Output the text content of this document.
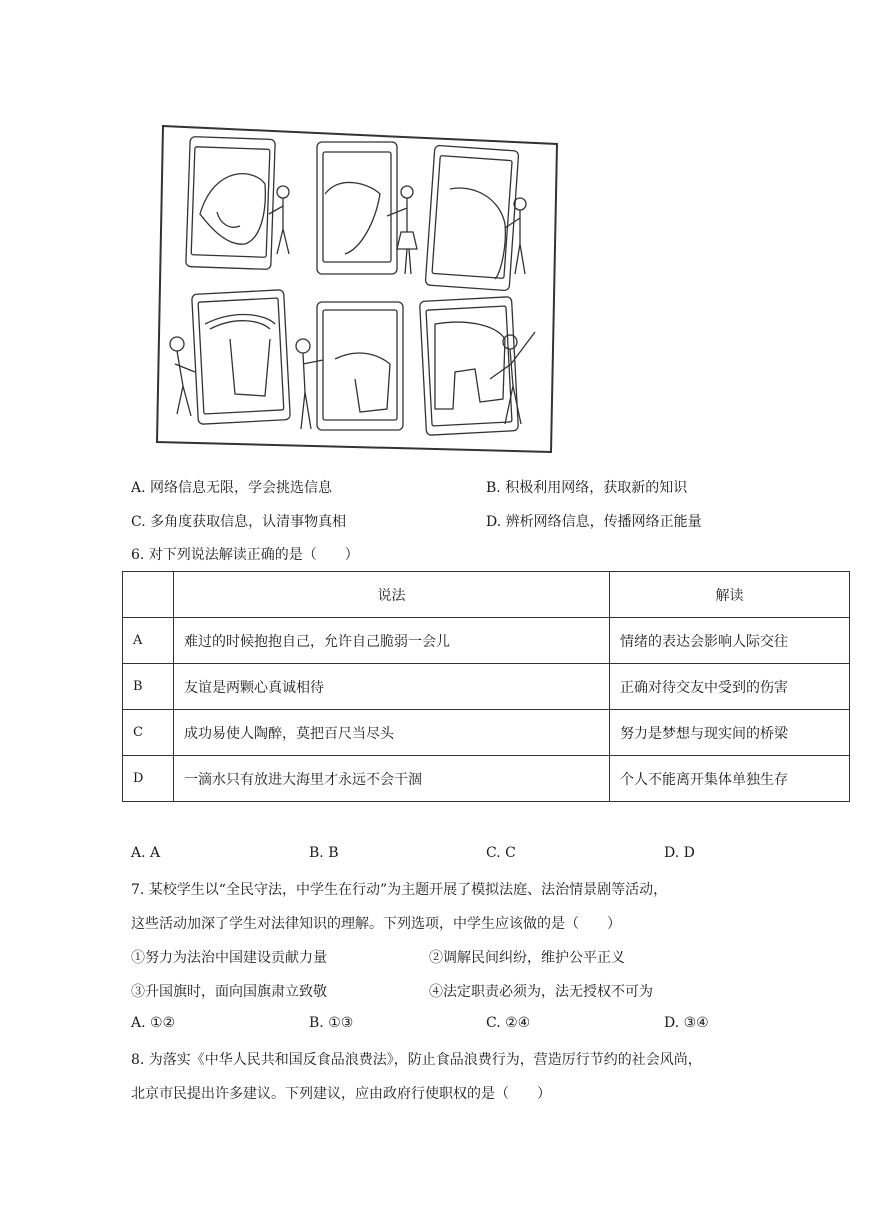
A. 网络信息无限，学会挑选信息	B. 积极利用网络，获取新的知识
C. 多角度获取信息，认清事物真相	D. 辨析网络信息，传播网络正能量
6. 对下列说法解读正确的是（　　）
	说法	解读
A	难过的时候抱抱自己，允许自己脆弱一会儿	情绪的表达会影响人际交往
B	友谊是两颗心真诚相待	正确对待交友中受到的伤害
C	成功易使人陶醉，莫把百尺当尽头	努力是梦想与现实间的桥梁
D	一滴水只有放进大海里才永远不会干涸	个人不能离开集体单独生存
A. A	B. B	C. C	D. D
7. 某校学生以“全民守法，中学生在行动”为主题开展了模拟法庭、法治情景剧等活动，
这些活动加深了学生对法律知识的理解。下列选项，中学生应该做的是（　　）
①努力为法治中国建设贡献力量	②调解民间纠纷，维护公平正义
③升国旗时，面向国旗肃立致敬	④法定职责必须为，法无授权不可为
A. ①②	B. ①③	C. ②④	D. ③④
8. 为落实《中华人民共和国反食品浪费法》，防止食品浪费行为，营造厉行节约的社会风尚，
北京市民提出许多建议。下列建议，应由政府行使职权的是（　　）
